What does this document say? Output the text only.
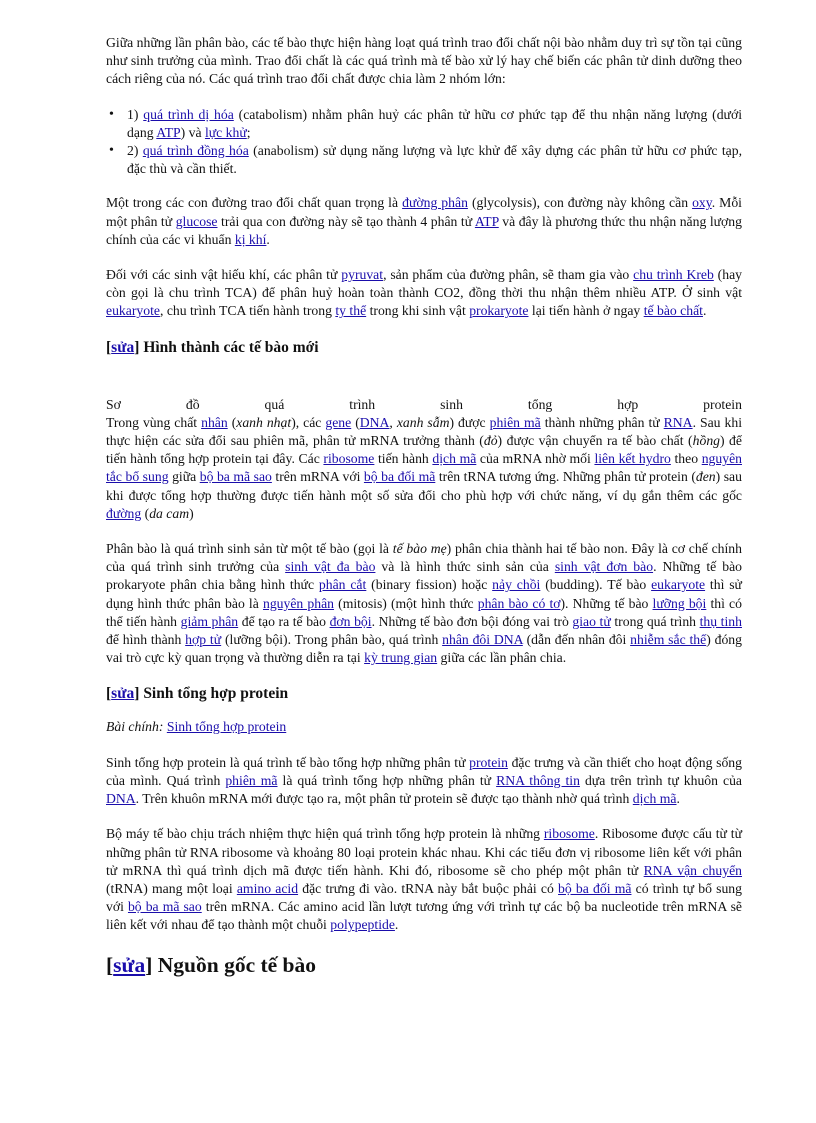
Giữa những lần phân bào, các tế bào thực hiện hàng loạt quá trình trao đổi chất nội bào nhằm duy trì sự tồn tại cũng như sinh trưởng của mình. Trao đổi chất là các quá trình mà tế bào xử lý hay chế biến các phân tử dinh dưỡng theo cách riêng của nó. Các quá trình trao đổi chất được chia làm 2 nhóm lớn:

• 1) quá trình dị hóa (catabolism) nhằm phân huỷ các phân tử hữu cơ phức tạp để thu nhận năng lượng (dưới dạng ATP) và lực khử;
• 2) quá trình đồng hóa (anabolism) sử dụng năng lượng và lực khử để xây dựng các phân tử hữu cơ phức tạp, đặc thù và cần thiết.

Một trong các con đường trao đổi chất quan trọng là đường phân (glycolysis), con đường này không cần oxy. Mỗi một phân tử glucose trải qua con đường này sẽ tạo thành 4 phân tử ATP và đây là phương thức thu nhận năng lượng chính của các vi khuẩn kị khí.

Đối với các sinh vật hiếu khí, các phân tử pyruvat, sản phẩm của đường phân, sẽ tham gia vào chu trình Kreb (hay còn gọi là chu trình TCA) để phân huỷ hoàn toàn thành CO2, đồng thời thu nhận thêm nhiều ATP. Ở sinh vật eukaryote, chu trình TCA tiến hành trong ty thể trong khi sinh vật prokaryote lại tiến hành ở ngay tế bào chất.

[sửa] Hình thành các tế bào mới
Sơ	đồ	quá	trình	sinh	tổng	hợp	protein

Trong vùng chất nhân (xanh nhạt), các gene (DNA, xanh sẫm) được phiên mã thành những phân tử RNA. Sau khi thực hiện các sửa đổi sau phiên mã, phân tử mRNA trưởng thành (đỏ) được vận chuyển ra tế bào chất (hồng) để tiến hành tổng hợp protein tại đây. Các ribosome tiến hành dịch mã của mRNA nhờ mối liên kết hydro theo nguyên tắc bổ sung giữa bộ ba mã sao trên mRNA với bộ ba đối mã trên tRNA tương ứng. Những phân tử protein (đen) sau khi được tổng hợp thường được tiến hành một số sửa đổi cho phù hợp với chức năng, ví dụ gắn thêm các gốc đường (da cam)

Phân bào là quá trình sinh sản từ một tế bào (gọi là tế bào mẹ) phân chia thành hai tế bào non. Đây là cơ chế chính của quá trình sinh trưởng của sinh vật đa bào và là hình thức sinh sản của sinh vật đơn bào. Những tế bào prokaryote phân chia bằng hình thức phân cắt (binary fission) hoặc nảy chồi (budding). Tế bào eukaryote thì sử dụng hình thức phân bào là nguyên phân (mitosis) (một hình thức phân bào có tơ). Những tế bào lưỡng bội thì có thể tiến hành giảm phân để tạo ra tế bào đơn bội. Những tế bào đơn bội đóng vai trò giao tử trong quá trình thụ tinh để hình thành hợp tử (lưỡng bội). Trong phân bào, quá trình nhân đôi DNA (dẫn đến nhân đôi nhiễm sắc thể) đóng vai trò cực kỳ quan trọng và thường diễn ra tại kỳ trung gian giữa các lần phân chia.

[sửa] Sinh tổng hợp protein

Bài chính: Sinh tổng hợp protein

Sinh tổng hợp protein là quá trình tế bào tổng hợp những phân tử protein đặc trưng và cần thiết cho hoạt động sống của mình. Quá trình phiên mã là quá trình tổng hợp những phân tử RNA thông tin dựa trên trình tự khuôn của DNA. Trên khuôn mRNA mới được tạo ra, một phân tử protein sẽ được tạo thành nhờ quá trình dịch mã.

Bộ máy tế bào chịu trách nhiệm thực hiện quá trình tổng hợp protein là những ribosome. Ribosome được cấu từ từ những phân tử RNA ribosome và khoảng 80 loại protein khác nhau. Khi các tiểu đơn vị ribosome liên kết với phân tử mRNA thì quá trình dịch mã được tiến hành. Khi đó, ribosome sẽ cho phép một phân tử RNA vận chuyển (tRNA) mang một loại amino acid đặc trưng đi vào. tRNA này bắt buộc phải có bộ ba đối mã có trình tự bổ sung với bộ ba mã sao trên mRNA. Các amino acid lần lượt tương ứng với trình tự các bộ ba nucleotide trên mRNA sẽ liên kết với nhau để tạo thành một chuỗi polypeptide.

[sửa] Nguồn gốc tế bào
